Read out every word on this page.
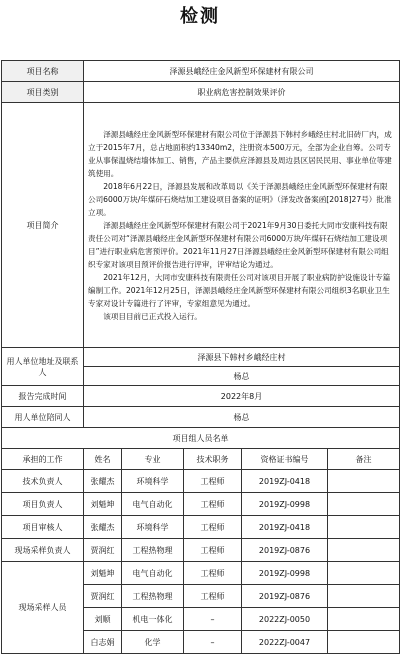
检测
项目名称	泽源县峨经庄金风新型环保建材有限公司				
项目类别	职业病危害控制效果评价				
项目简介	泽源县峨经庄金风新型环保建材有限公司位于泽源县下韩村乡峨经庄村北旧砖厂内，成立于2015年7月，总占地面积约13340m2，注册资本500万元，全部为企业自筹。公司专业从事保温烧结墙体加工、销售，产品主要供应泽源县及周边县区居民民用、事业单位等建筑使用。

2018年6月22日，泽源县发展和改革局以《关于泽源县峨经庄金风新型环保建材有限公司6000万块/年煤矸石烧结加工建设项目备案的证明》（泽发改备案函[2018]27号）批准立项。

泽源县峨经庄金风新型环保建材有限公司于2021年9月30日委托大同市安康科技有限责任公司对“泽源县峨经庄金风新型环保建材有限公司6000万块/年煤矸石烧结加工建设项目”进行职业病危害预评价。2021年11月27日泽源县峨经庄金风新型环保建材有限公司组织专家对该项目预评价报告进行评审，评审结论为通过。

2021年12月，大同市安康科技有限责任公司对该项目开展了职业病防护设施设计专篇编制工作。2021年12月25日，泽源县峨经庄金风新型环保建材有限公司组织3名职业卫生专家对设计专篇进行了评审，专家组意见为通过。

该项目目前已正式投入运行。				

用人单位地址及联系人	泽源县下韩村乡峨经庄村				
	杨总				
报告完成时间	2022年8月				
用人单位陪同人	杨总				
项目组人员名单					
承担的工作	姓名	专业	技术职务	资格证书编号	备注
技术负责人	张耀杰	环境科学	工程师	2019ZJ-0418	
项目负责人	刘魁坤	电气自动化	工程师	2019ZJ-0998	
项目审核人	张耀杰	环境科学	工程师	2019ZJ-0418	
现场采样负责人	贾润红	工程热物理	工程师	2019ZJ-0876	
现场采样人员	刘魁坤	电气自动化	工程师	2019ZJ-0998	
	贾润红	工程热物理	工程师	2019ZJ-0876	
	刘顺	机电一体化	–	2022ZJ-0050	
	白志娟	化学	–	2022ZJ-0047	
